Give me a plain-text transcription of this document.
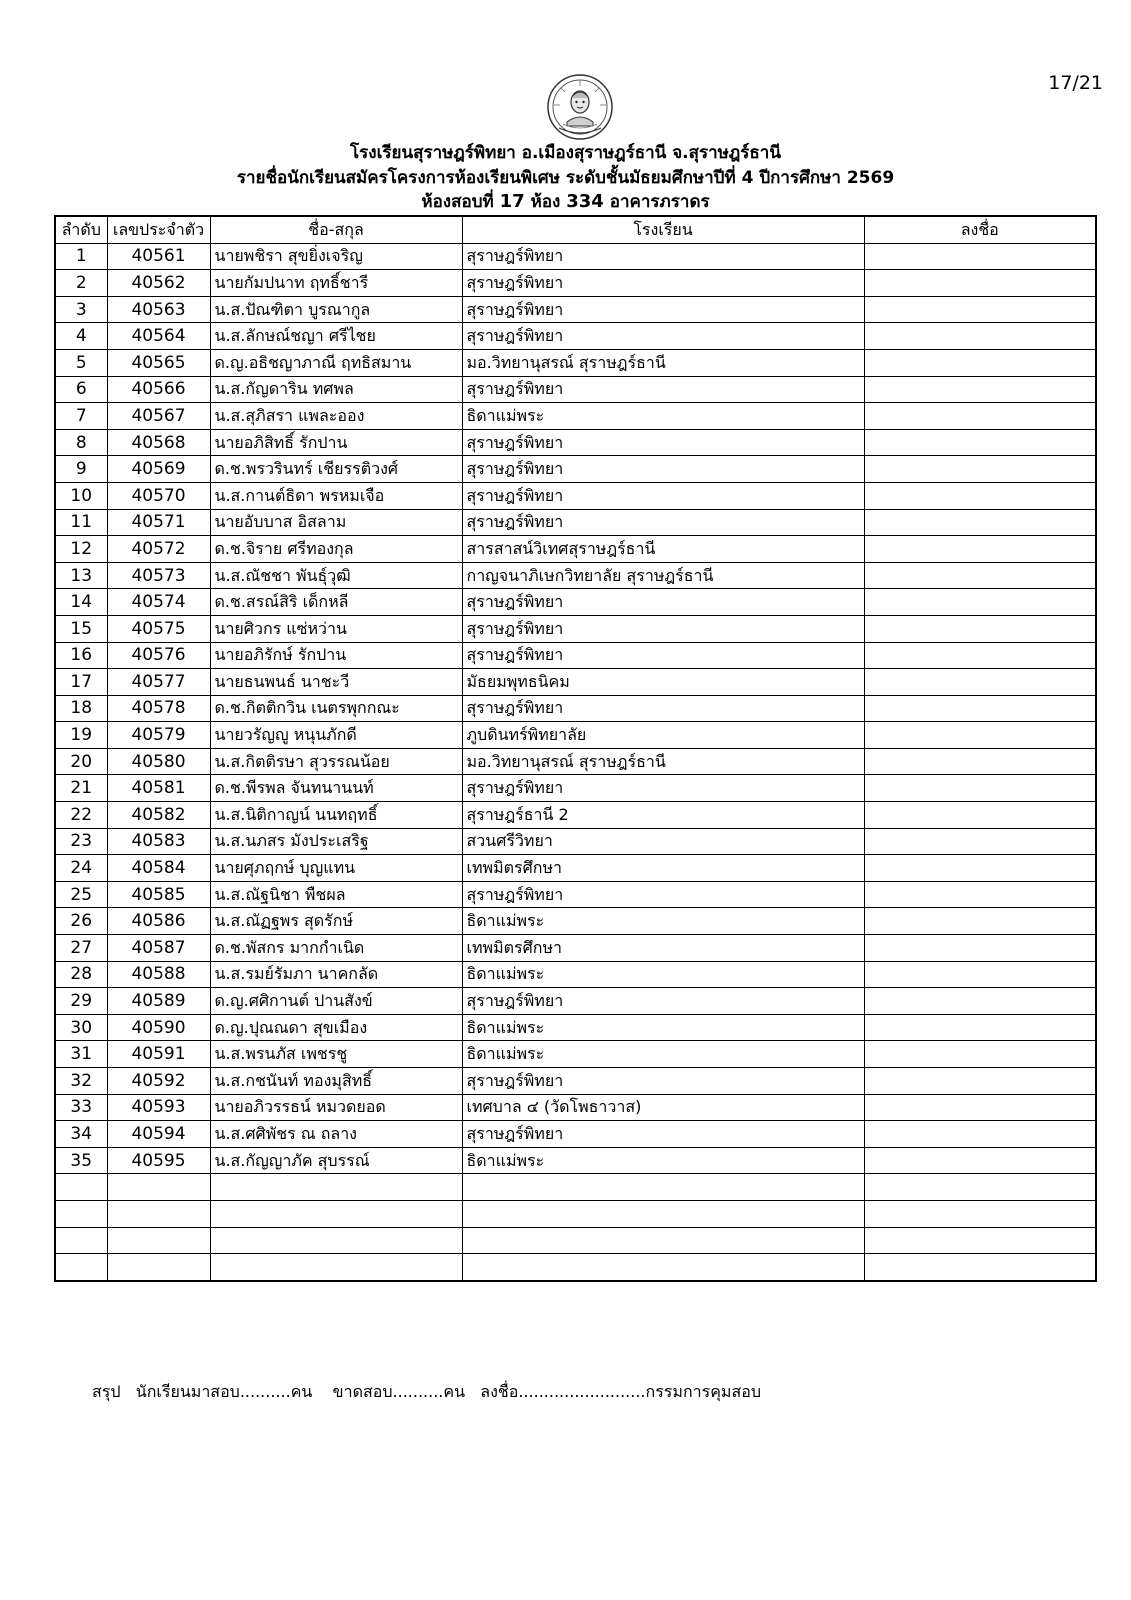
17/21
โรงเรียนสุราษฎร์พิทยา อ.เมืองสุราษฎร์ธานี จ.สุราษฎร์ธานี
รายชื่อนักเรียนสมัครโครงการห้องเรียนพิเศษ ระดับชั้นมัธยมศึกษาปีที่ 4 ปีการศึกษา 2569
ห้องสอบที่ 17 ห้อง 334 อาคารภราดร
ลำดับ	เลขประจำตัว	ชื่อ-สกุล	โรงเรียน	ลงชื่อ
1	40561	นายพชิรา สุขยิ่งเจริญ	สุราษฎร์พิทยา	
2	40562	นายกัมปนาท ฤทธิ์ชารี	สุราษฎร์พิทยา	
3	40563	น.ส.ปัณฑิตา บูรณากูล	สุราษฎร์พิทยา	
4	40564	น.ส.ลักษณ์ชญา ศรีไชย	สุราษฎร์พิทยา	
5	40565	ด.ญ.อธิชญาภาณี ฤทธิสมาน	มอ.วิทยานุสรณ์ สุราษฎร์ธานี	
6	40566	น.ส.กัญดาริน ทศพล	สุราษฎร์พิทยา	
7	40567	น.ส.สุภิสรา แพละออง	ธิดาแม่พระ	
8	40568	นายอภิสิทธิ์ รักปาน	สุราษฎร์พิทยา	
9	40569	ด.ช.พรวรินทร์ เชียรรติวงศ์	สุราษฎร์พิทยา	
10	40570	น.ส.กานต์ธิดา พรหมเจือ	สุราษฎร์พิทยา	
11	40571	นายอับบาส อิสลาม	สุราษฎร์พิทยา	
12	40572	ด.ช.จิราย ศรีทองกุล	สารสาสน์วิเทศสุราษฎร์ธานี	
13	40573	น.ส.ณัชชา พันธุ์วุฒิ	กาญจนาภิเษกวิทยาลัย สุราษฎร์ธานี	
14	40574	ด.ช.สรณ์สิริ เด็กหลี	สุราษฎร์พิทยา	
15	40575	นายศิวกร แซ่หว่าน	สุราษฎร์พิทยา	
16	40576	นายอภิรักษ์ รักปาน	สุราษฎร์พิทยา	
17	40577	นายธนพนธ์ นาชะวี	มัธยมพุทธนิคม	
18	40578	ด.ช.กิตติกวิน เนตรพุกกณะ	สุราษฎร์พิทยา	
19	40579	นายวรัญญู หนุนภักดี	ภูบดินทร์พิทยาลัย	
20	40580	น.ส.กิตติรษา สุวรรณน้อย	มอ.วิทยานุสรณ์ สุราษฎร์ธานี	
21	40581	ด.ช.พีรพล จันทนานนท์	สุราษฎร์พิทยา	
22	40582	น.ส.นิติกาญน์ นนทฤทธิ์	สุราษฎร์ธานี 2	
23	40583	น.ส.นภสร มังประเสริฐ	สวนศรีวิทยา	
24	40584	นายศุภฤกษ์ บุญแทน	เทพมิตรศึกษา	
25	40585	น.ส.ณัฐนิชา พืชผล	สุราษฎร์พิทยา	
26	40586	น.ส.ณัฏฐพร สุดรักษ์	ธิดาแม่พระ	
27	40587	ด.ช.พัสกร มากกำเนิด	เทพมิตรศึกษา	
28	40588	น.ส.รมย์รัมภา นาคกลัด	ธิดาแม่พระ	
29	40589	ด.ญ.ศศิกานต์ ปานสังข์	สุราษฎร์พิทยา	
30	40590	ด.ญ.ปุณณดา สุขเมือง	ธิดาแม่พระ	
31	40591	น.ส.พรนภัส เพชรชู	ธิดาแม่พระ	
32	40592	น.ส.กชนันท์ ทองมุสิทธิ์	สุราษฎร์พิทยา	
33	40593	นายอภิวรรธน์ หมวดยอด	เทศบาล ๔ (วัดโพธาวาส)	
34	40594	น.ส.ศศิพัชร ณ ถลาง	สุราษฎร์พิทยา	
35	40595	น.ส.กัญญาภัค สุบรรณ์	ธิดาแม่พระ	

สรุป   นักเรียนมาสอบ..........คน    ขาดสอบ..........คน   ลงชื่อ.........................กรรมการคุมสอบ
